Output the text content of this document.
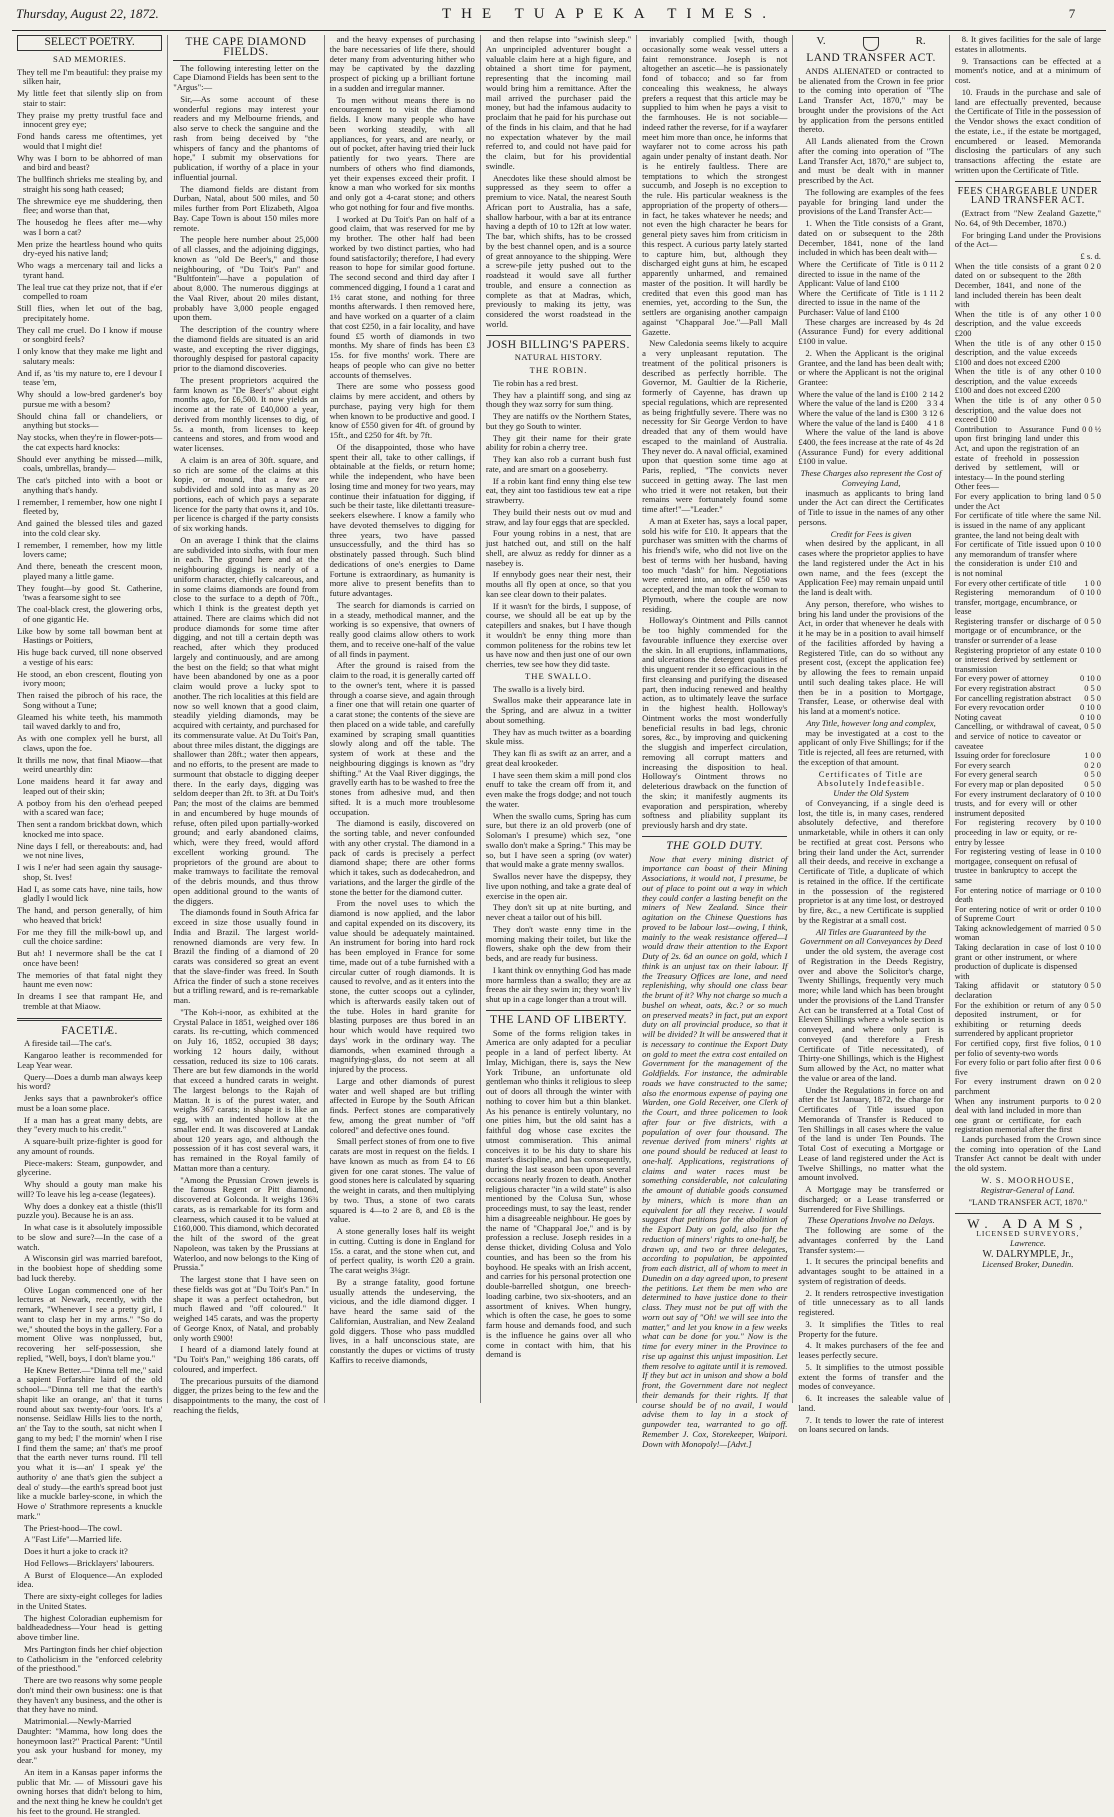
Thursday, August 22, 1872.	THE TUAPEKA TIMES.	7
SELECT POETRY.
SAD MEMORIES.

They tell me I'm beautiful: they praise my silken hair,

My little feet that silently slip on from stair to stair:

They praise my pretty trustful face and innocent grey eye;

Fond hands caress me oftentimes, yet would that I might die!

Why was I born to be abhorred of man and bird and beast?

The bullfinch shrieks me stealing by, and straight his song hath ceased;

The shrewmice eye me shuddering, then flee; and worse than that,

The housedog he flees after me—why was I born a cat?

Men prize the heartless hound who quits dry-eyed his native land;

Who wags a mercenary tail and licks a tyrant hand.

The leal true cat they prize not, that if e'er compelled to roam

Still flies, when let out of the bag, precipitately home.

They call me cruel. Do I know if mouse or songbird feels?

I only know that they make me light and salutary meals:

And if, as 'tis my nature to, ere I devour I tease 'em,

Why should a low-bred gardener's boy pursue me with a besom?

Should china fall or chandeliers, or anything but stocks—

Nay stocks, when they're in flower-pots—the cat expects hard knocks:

Should ever anything be missed—milk, coals, umbrellas, brandy—

The cat's pitched into with a boot or anything that's handy.

I remember, I remember, how one night I fleeted by,

And gained the blessed tiles and gazed into the cold clear sky.

I remember, I remember, how my little lovers came;

And there, beneath the crescent moon, played many a little game.

They fought—by good St. Catherine, 'twas a fearsome sight to see

The coal-black crest, the glowering orbs, of one gigantic He.

Like bow by some tall bowman bent at Hastings or Poitiers,

His huge back curved, till none observed a vestige of his ears:

He stood, an ebon crescent, flouting yon ivory moon;

Then raised the pibroch of his race, the Song without a Tune;

Gleamed his white teeth, his mammoth tail waved darkly to and fro,

As with one complex yell he burst, all claws, upon the foe.

It thrills me now, that final Miaow—that weird unearthly din:

Lone maidens heard it far away and leaped out of their skin;

A potboy from his den o'erhead peeped with a scared wan face;

Then sent a random brickbat down, which knocked me into space.

Nine days I fell, or thereabouts: and, had we not nine lives,

I wis I ne'er had seen again thy sausage-shop, St. Ives!

Had I, as some cats have, nine tails, how gladly I would lick

The hand, and person generally, of him who heaved that brick!

For me they fill the milk-bowl up, and cull the choice sardine:

But ah! I nevermore shall be the cat I once have been!

The memories of that fatal night they haunt me even now:

In dreams I see that rampant He, and tremble at that Miaow.

FACETIÆ.

A fireside tail—The cat's.

Kangaroo leather is recommended for Leap Year wear.

Query—Does a dumb man always keep his word?

Jenks says that a pawnbroker's office must be a loan some place.

If a man has a great many debts, are they "every much to his credit."

A square-built prize-fighter is good for any amount of rounds.

Piece-makers: Steam, gunpowder, and glycerine.

Why should a gouty man make his will? To leave his leg a-cease (legatees).

Why does a donkey eat a thistle (this'll puzzle you). Because he is an ass.

In what case is it absolutely impossible to be slow and sure?—In the case of a watch.

A Wisconsin girl was married barefoot, in the boobiest hope of shedding some bad luck thereby.

Olive Logan commenced one of her lectures at Newark, recently, with the remark, "Whenever I see a pretty girl, I want to clasp her in my arms." "So do we," shouted the boys in the gallery. For a moment Olive was nonplussed, but, recovering her self-possession, she replied, "Well, boys, I don't blame you."

He Knew Better.—"Dinna tell me," said a sapient Forfarshire laird of the old school—"Dinna tell me that the earth's shapit like an orange, an' that it turns round about sax twenty-four 'oors. It's a' nonsense. Seidlaw Hills lies to the north, an' the Tay to the south, sat nicht when I gang to my bed; I' the mornin' when I rise I find them the same; an' that's me proof that the earth never turns round. I'll tell you what it is—an' I speak ye' the authority o' ane that's gien the subject a deal o' study—the earth's spread boot just like a muckle barley-scone, in which the Howe o' Strathmore represents a knuckle mark."

The Priest-hood—The cowl.

A "Fast Life"—Married life.

Does it hurt a joke to crack it?

Hod Fellows—Bricklayers' labourers.

A Burst of Eloquence—An exploded idea.

There are sixty-eight colleges for ladies in the United States.

The highest Coloradian euphemism for baldheadedness—Your head is getting above timber line.

Mrs Partington finds her chief objection to Catholicism in the "enforced celebrity of the priesthood."

There are two reasons why some people don't mind their own business: one is that they haven't any business, and the other is that they have no mind.

Matrimonial.—Newly-Married Daughter: "Mamma, how long does the honeymoon last?" Practical Parent: "Until you ask your husband for money, my dear."

An item in a Kansas paper informs the public that Mr. — of Missouri gave his owning horses that didn't belong to him, and the next thing he knew he couldn't get his feet to the ground. He strangled.

THE CAPE DIAMOND FIELDS.

The following interesting letter on the Cape Diamond Fields has been sent to the "Argus":—

Sir,—As some account of these wonderful regions may interest your readers and my Melbourne friends, and also serve to check the sanguine and the rash from being deceived by "the whispers of fancy and the phantoms of hope," I submit my observations for publication, if worthy of a place in your influential journal.

The diamond fields are distant from Durban, Natal, about 500 miles, and 50 miles further from Port Elizabeth, Algoa Bay. Cape Town is about 150 miles more remote.

The people here number about 25,000 of all classes, and the adjoining diggings, known as "old De Beer's," and those neighbouring, of "Du Toit's Pan" and "Bultfontein"—have a population of about 8,000. The numerous diggings at the Vaal River, about 20 miles distant, probably have 3,000 people engaged upon them.

The description of the country where the diamond fields are situated is an arid waste, and excepting the river diggings, thoroughly despised for pastoral capacity prior to the diamond discoveries.

The present proprietors acquired the farm known as "De Beer's" about eight months ago, for £6,500. It now yields an income at the rate of £40,000 a year, derived from monthly licenses to dig, of 5s. a month, from licenses to keep canteens and stores, and from wood and water licenses.

A claim is an area of 30ft. square, and so rich are some of the claims at this kopje, or mound, that a few are subdivided and sold into as many as 20 portions, each of which pays a separate licence for the party that owns it, and 10s. per licence is charged if the party consists of six working hands.

On an average I think that the claims are subdivided into sixths, with four men in each. The ground here and at the neighbouring diggings is nearly of a uniform character, chiefly calcareous, and in some claims diamonds are found from close to the surface to a depth of 70ft., which I think is the greatest depth yet attained. There are claims which did not produce diamonds for some time after digging, and not till a certain depth was reached, after which they produced largely and continuously, and are among the best on the field; so that what might have been abandoned by one as a poor claim would prove a lucky spot to another. The rich localities at this field are now so well known that a good claim, steadily yielding diamonds, may be acquired with certainty, and purchased for its commensurate value. At Du Toit's Pan, about three miles distant, the diggings are shallower than 28ft.; water then appears, and no efforts, to the present are made to surmount that obstacle to digging deeper there. In the early days, digging was seldom deeper than 2ft. to 3ft. at Du Toit's Pan; the most of the claims are bemmed in and encumbered by huge mounds of refuse, often piled upon partially-worked ground; and early abandoned claims, which, were they freed, would afford excellent working ground. The proprietors of the ground are about to make tramways to facilitate the removal of the debris mounds, and thus throw open additional ground to the wants of the diggers.

The diamonds found in South Africa far exceed in size those usually found in India and Brazil. The largest world-renowned diamonds are very few. In Brazil the finding of a diamond of 20 carats was considered so great an event that the slave-finder was freed. In South Africa the finder of such a stone receives but a trifling reward, and is re-remarkable man.

"The Koh-i-noor, as exhibited at the Crystal Palace in 1851, weighed over 186 carats. Its re-cutting, which commenced on July 16, 1852, occupied 38 days; working 12 hours daily, without cessation, reduced its size to 106 carats. There are but few diamonds in the world that exceed a hundred carats in weight. The largest belongs to the Rajah of Mattan. It is of the purest water, and weighs 367 carats; in shape it is like an egg, with an indented hollow at the smaller end. It was discovered at Landak about 120 years ago, and although the possession of it has cost several wars, it has remained in the Royal family of Mattan more than a century.

"Among the Prussian Crown jewels is the famous Regent or Pitt diamond, discovered at Golconda. It weighs 136¾ carats, as is remarkable for its form and clearness, which caused it to be valued at £160,000. This diamond, which decorated the hilt of the sword of the great Napoleon, was taken by the Prussians at Waterloo, and now belongs to the King of Prussia."

The largest stone that I have seen on these fields was got at "Du Toit's Pan." In shape it was a perfect octahedron, but much flawed and "off coloured." It weighed 145 carats, and was the property of George Knox, of Natal, and probably only worth £900!

I heard of a diamond lately found at "Du Toit's Pan," weighing 186 carats, off coloured, and imperfect.

The precarious pursuits of the diamond digger, the prizes being to the few and the disappointments to the many, the cost of reaching the fields,

and the heavy expenses of purchasing the bare necessaries of life there, should deter many from adventuring hither who may be captivated by the dazzling prospect of picking up a brilliant fortune in a sudden and irregular manner.

To men without means there is no encouragement to visit the diamond fields. I know many people who have been working steadily, with all appliances, for years, and are nearly, or out of pocket, after having tried their luck patiently for two years. There are numbers of others who find diamonds, yet their expenses exceed their profit. I know a man who worked for six months and only got a 4-carat stone; and others who got nothing for four and five months.

I worked at Du Toit's Pan on half of a good claim, that was reserved for me by my brother. The other half had been worked by two distinct parties, who had found satisfactorily; therefore, I had every reason to hope for similar good fortune. The second second and third day after I commenced digging, I found a 1 carat and 1½ carat stone, and nothing for three months afterwards. I then removed here, and have worked on a quarter of a claim that cost £250, in a fair locality, and have found £5 worth of diamonds in two months. My share of finds has been £3 15s. for five months' work. There are heaps of people who can give no better accounts of themselves.

There are some who possess good claims by mere accident, and others by purchase, paying very high for them when known to be productive and good. I know of £550 given for 4ft. of ground by 15ft., and £250 for 4ft. by 7ft.

Of the disappointed, those who have spent their all, take to other callings, if obtainable at the fields, or return home; while the independent, who have been losing time and money for two years, may continue their infatuation for digging, if such be their taste, like dilettanti treasure-seekers elsewhere. I know a family who have devoted themselves to digging for three years, two have passed unsuccessfully, and the third has so obstinately passed through. Such blind dedications of one's energies to Dame Fortune is extraordinary, as humanity is more alive to present benefits than to future advantages.

The search for diamonds is carried on in a steady, methodical manner, and the working is so expensive, that owners of really good claims allow others to work them, and to receive one-half of the value of all finds in payment.

After the ground is raised from the claim to the road, it is generally carted off to the owner's tent, where it is passed through a coarse sieve, and again through a finer one that will retain one quarter of a carat stone; the contents of the sieve are then placed on a wide table, and carefully examined by scraping small quantities slowly along and off the table. The system of work at these and the neighbouring diggings is known as "dry shifting." At the Vaal River diggings, the gravelly earth has to be washed to free the stones from adhesive mud, and then sifted. It is a much more troublesome occupation.

The diamond is easily, discovered on the sorting table, and never confounded with any other crystal. The diamond in a pack of cards is precisely a perfect diamond shape; there are other forms which it takes, such as dodecahedron, and variations, and the larger the girdle of the stone the better for the diamond cutter.

From the novel uses to which the diamond is now applied, and the labor and capital expended on its discovery, its value should be adequately maintained. An instrument for boring into hard rock has been employed in France for some time, made out of a tube furnished with a circular cutter of rough diamonds. It is caused to revolve, and as it enters into the stone, the cutter scoops out a cylinder, which is afterwards easily taken out of the tube. Holes in hard granite for blasting purposes are thus bored in an hour which would have required two days' work in the ordinary way. The diamonds, when examined through a magnifying-glass, do not seem at all injured by the process.

Large and other diamonds of purest water and well shaped are but trifling affected in Europe by the South African finds. Perfect stones are comparatively few, among the great number of "off colored" and defective ones found.

Small perfect stones of from one to five carats are most in request on the fields. I have known as much as from £4 to £6 given for one carat stones. The value of good stones here is calculated by squaring the weight in carats, and then multiplying by two. Thus, a stone of two carats squared is 4—to 2 are 8, and £8 is the value.

A stone generally loses half its weight in cutting. Cutting is done in England for 15s. a carat, and the stone when cut, and of perfect quality, is worth £20 a grain. The carat weighs 3¼gr.

By a strange fatality, good fortune usually attends the undeserving, the vicious, and the idle diamond digger. I have heard the same said of the Californian, Australian, and New Zealand gold diggers. Those who pass muddled lives, in a half unconscious state, are constantly the dupes or victims of trusty Kaffirs to receive diamonds,

and then relapse into "swinish sleep." An unprincipled adventurer bought a valuable claim here at a high figure, and obtained a short time for payment, representing that the incoming mail would bring him a remittance. After the mail arrived the purchaser paid the money, but had the infamous audacity to proclaim that he paid for his purchase out of the finds in his claim, and that he had no expectation whatever by the mail referred to, and could not have paid for the claim, but for his providential swindle.

Anecdotes like these should almost be suppressed as they seem to offer a premium to vice. Natal, the nearest South African port to Australia, has a safe, shallow harbour, with a bar at its entrance having a depth of 10 to 12ft at low water. The bar, which shifts, has to be crossed by the best channel open, and is a source of great annoyance to the shipping. Were a screw-pile jetty pushed out to the roadstead it would save all further trouble, and ensure a connection as complete as that at Madras, which, previously to making its jetty, was considered the worst roadstead in the world.

JOSH BILLING'S PAPERS.
NATURAL HISTORY.
THE ROBIN.

Tie robin has a red brest.

They hav a plaintiff song, and sing az though they waz sorry for sum thing.

They are natiffs ov the Northern States, but they go South to winter.

They git their name for their grate ability for robin a cherry tree.

They kan also rob a currant bush fust rate, and are smart on a gooseberry.

If a robin kant find enny thing else tew eat, they aint too fastidious tew eat a ripe strawberry.

They build their nests out ov mud and straw, and lay four eggs that are speckled.

Four young robins in a nest, that are just hatched out, and still on the half shell, are alwuz as reddy for dinner as a nasebey is.

If ennybody goes near their nest, their mouths all fly open at once, so that you kan see clear down to their palates.

If it wasn't for the birds, I suppose, of course, we should all be eat up by the catepillers and snakes, but I have though it wouldn't be enny thing more than common politeness for the robins tew let us have now and then just one of our own cherries, tew see how they did taste.

THE SWALLO.

The swallo is a lively bird.

Swallos make their appearance late in the Spring, and are alwuz in a twitter about something.

They hav as much twitter as a boarding skule miss.

They kan fli as swift az an arrer, and a great deal krookeder.

I have seen them skim a mill pond clos enuff to take the cream off from it, and even make the frogs dodge; and not touch the water.

When the swallo cums, Spring has cum sure, but there iz an old proverb (one of Soloman's I presume) which sez, "one swallo don't make a Spring." This may be so, but I have seen a spring (ov water) that would make a grate menny swallos.

Swallos never have the dispepsy, they live upon nothing, and take a grate deal of exercise in the open air.

They don't sit up at nite burting, and never cheat a tailor out of his bill.

They don't waste enny time in the morning making their toilet, but like the flowers, shake oph the dew from their beds, and are ready fur business.

I kant think ov ennything God has made more harmless than a swallo; they are az freeas the air they swim in; they won't liv shut up in a cage longer than a trout will.

THE LAND OF LIBERTY.

Some of the forms religion takes in America are only adapted for a peculiar people in a land of perfect liberty. At Imlay, Michigan, there is, says the New York Tribune, an unfortunate old gentleman who thinks it religious to sleep out of doors all through the winter with nothing to cover him but a thin blanket. As his penance is entirely voluntary, no one pities him, but the old saint has a faithful dog whose case excites the utmost commiseration. This animal conceives it to be his duty to share his master's discipline, and has consequently, during the last season been upon several occasions nearly frozen to death. Another religious character "in a wild state" is also mentioned by the Colusa Sun, whose proceedings must, to say the least, render him a disagreeable neighbour. He goes by the name of "Chapparal Joe," and is by profession a recluse. Joseph resides in a dense thicket, dividing Colusa and Yolo counties, and has been so the from his boyhood. He speaks with an Irish accent, and carries for his personal protection one double-barrelled shotgun, one breech-loading carbine, two six-shooters, and an assortment of knives. When hungry, which is often the case, he goes to some farm house and demands food, and such is the influence he gains over all who come in contact with him, that his demand is

invariably complied [with, though occasionally some weak vessel utters a faint remonstrance. Joseph is not altogether an ascetic—he is passionately fond of tobacco; and so far from concealing this weakness, he always prefers a request that this article may be supplied to him when he pays a visit to the farmhouses. He is not sociable—indeed rather the reverse, for if a wayfarer meet him more than once, he informs that wayfarer not to come across his path again under penalty of instant death. Nor is he entirely faultless. There are temptations to which the strongest succumb, and Joseph is no exception to the rule. His particular weakness is the appropriation of the property of others—in fact, he takes whatever he needs; and not even the high character he bears for general piety saves him from criticism in this respect. A curious party lately started to capture him, but, although they discharged eight guns at him, he escaped apparently unharmed, and remained master of the position. It will hardly be credited that even this good man has enemies, yet, according to the Sun, the settlers are organising another campaign against "Chapparal Joe."—Pall Mall Gazette.

New Caledonia seems likely to acquire a very unpleasant reputation. The treatment of the political prisoners is described as perfectly horrible. The Governor, M. Gaultier de la Richerie, formerly of Cayenne, has drawn up special regulations, which are represented as being frightfully severe. There was no necessity for Sir George Verdon to have dreaded that any of them would have escaped to the mainland of Australia. They never do. A naval official, examined upon that question some time ago at Paris, replied, "The convicts never succeed in getting away. The last men who tried it were not retaken, but their remains were fortunately found some time after!"—"Leader."

A man at Exeter has, says a local paper, sold his wife for £10. It appears that the purchaser was smitten with the charms of his friend's wife, who did not live on the best of terms with her husband, having too much "dash" for him. Negotiations were entered into, an offer of £50 was accepted, and the man took the woman to Plymouth, where the couple are now residing.

Holloway's Ointment and Pills cannot be too highly commended for the favourable influence they exercise over the skin. In all eruptions, inflammations, and ulcerations the detergent qualities of this unguent render it so efficacious in the first cleansing and purifying the diseased part, then inducing renewed and healthy action, as to ultimately leave the surface in the highest health. Holloway's Ointment works the most wonderfully beneficial results in bad legs, chronic sores, &c., by improving and quickening the sluggish and imperfect circulation, removing all corrupt matters and increasing the disposition to heal. Holloway's Ointment throws no deleterious drawback on the function of the skin; it manifestly augments its evaporation and perspiration, whereby softness and pliability supplant its previously harsh and dry state.

THE GOLD DUTY.

Now that every mining district of importance can boast of their Mining Associations, it would not, I presume, be out of place to point out a way in which they could confer a lasting benefit on the miners of New Zealand. Since their agitation on the Chinese Questions has proved to be labour lost—owing, I think, mainly to the weak resistance offered—I would draw their attention to the Export Duty of 2s. 6d an ounce on gold, which I think is an unjust tax on their labour. If the Treasury Offices are lone, and need replenishing, why should one class bear the brunt of it? Why not charge so much a bushel on wheat, oats, &c.? or so much on preserved meats? in fact, put an export duty on all provincial produce, so that it will be divided? It will be answered that it is necessary to continue the Export Duty on gold to meet the extra cost entailed on Government for the management of the Goldfields. For instance, the admirable roads we have constructed to the same; also the enormous expense of paying one Warden, one Gold Receiver, one Clerk of the Court, and three policemen to look after four or five districts, with a population of over four thousand. The revenue derived from miners' rights at one pound should be reduced at least to one-half. Applications, registrations of claims and water races must be something considerable, not calculating the amount of dutiable goods consumed by miners, which is more than an equivalent for all they receive. I would suggest that petitions for the abolition of the Export Duty on gold, also for the reduction of miners' rights to one-half, be drawn up, and two or three delegates, according to population, be appointed from each district, all of whom to meet in Dunedin on a day agreed upon, to present the petitions. Let them be men who are determined to have justice done to their class. They must not be put off with the worn out say of "Oh! we will see into the matter," and let you know in a few weeks what can be done for you." Now is the time for every miner in the Province to rise up against this unjust imposition. Let them resolve to agitate until it is removed. If they but act in unison and show a bold front, the Government dare not neglect their demands for their rights. If that course should be of no avail, I would advise them to lay in a stock of gunpowder tea, warranted to go off. Remember J. Cox, Storekeeper, Waipori. Down with Monopoly!—[Advt.]

V.	R.
LAND TRANSFER ACT.

ANDS ALIENATED or contracted to be alienated from the Crown in fee prior to the coming into operation of "The Land Transfer Act, 1870," may be brought under the provisions of the Act by application from the persons entitled thereto.

All Lands alienated from the Crown after the coming into operation of "The Land Transfer Act, 1870," are subject to, and must be dealt with in manner prescribed by the Act.

The following are examples of the fees payable for bringing land under the provisions of the Land Transfer Act:—

1. When the Title consists of a Grant, dated on or subsequent to the 28th December, 1841, none of the land included in which has been dealt with—

Where the Certificate of Title is directed to issue in the name of the Applicant: Value of land £100
0 11 2
Where the Certificate of Title is directed to issue in the name of the Purchaser: Value of land £100
1 11 2

These charges are increased by 4s 2d (Assurance Fund) for every additional £100 in value.

2. When the Applicant is the original Grantee, and the land has been dealt with; or where the Applicant is not the original Grantee:

Where the value of the land is £100 2 14 2
Where the value of the land is £200	3 3 4
Where the value of the land is £300 3 12 6
Where the value of the land is £400	4 1 8

Where the value of the land is above £400, the fees increase at the rate of 4s 2d (Assurance Fund) for every additional £100 in value.

These Charges also represent the Cost of Conveying Land,

inasmuch as applicants to bring land under the Act can direct the Certificates of Title to issue in the names of any other persons.

Credit for Fees is given

when desired by the applicant, in all cases where the proprietor applies to have the land registered under the Act in his own name, and the fees (except the Application Fee) may remain unpaid until the land is dealt with.

Any person, therefore, who wishes to bring his land under the provisions of the Act, in order that whenever he deals with it he may be in a position to avail himself of the facilities afforded by having a Registered Title, can do so without any present cost, (except the application fee) by allowing the fees to remain unpaid until such dealing takes place. He will then be in a position to Mortgage, Transfer, Lease, or otherwise deal with his land at a moment's notice.

Any Title, however long and complex,

may be investigated at a cost to the applicant of only Five Shillings; for if the Title is rejected, all fees are returned, with the exception of that amount.

Certificates of Title are Absolutely Indefeasible.
Under the Old System

of Conveyancing, if a single deed is lost, the title is, in many cases, rendered absolutely defective, and therefore unmarketable, while in others it can only be rectified at great cost. Persons who bring their land under the Act, surrender all their deeds, and receive in exchange a Certificate of Title, a duplicate of which is retained in the office. If the certificate in the possession of the registered proprietor is at any time lost, or destroyed by fire, &c., a new Certificate is supplied by the Registrar at a small cost.

All Titles are Guaranteed by the Government on all Conveyances by Deed

under the old system, the average cost of Registration in the Deeds Registry, over and above the Solicitor's charge, Twenty Shillings, frequently very much more; while land which has been brought under the provisions of the Land Transfer Act can be transferred at a Total Cost of Eleven Shillings where a whole section is conveyed, and where only part is conveyed (and therefore a Fresh Certificate of Title necessitated), of Thirty-one Shillings, which is the Highest Sum allowed by the Act, no matter what the value or area of the land.

Under the Regulations in force on and after the 1st January, 1872, the charge for Certificates of Title issued upon Memoranda of Transfer is Reduced to Ten Shillings in all cases where the value of the land is under Ten Pounds. The Total Cost of executing a Mortgage or Lease of land registered under the Act is Twelve Shillings, no matter what the amount involved.

A Mortgage may be transferred or discharged; or a Lease transferred or Surrendered for Five Shillings.

These Operations Involve no Delays.

The following are some of the advantages conferred by the Land Transfer system:—

1. It secures the principal benefits and advantages sought to be attained in a system of registration of deeds.

2. It renders retrospective investigation of title unnecessary as to all lands registered.

3. It simplifies the Titles to real Property for the future.

4. It makes purchasers of the fee and leases perfectly secure.

5. It simplifies to the utmost possible extent the forms of transfer and the modes of conveyance.

6. It increases the saleable value of land.

7. It tends to lower the rate of interest on loans secured on lands.

8. It gives facilities for the sale of large estates in allotments.

9. Transactions can be effected at a moment's notice, and at a minimum of cost.

10. Frauds in the purchase and sale of land are effectually prevented, because the Certificate of Title in the possession of the Vendor shows the exact condition of the estate, i.e., if the estate be mortgaged, encumbered or leased. Memoranda disclosing the particulars of any such transactions affecting the estate are written upon the Certificate of Title.

FEES CHARGEABLE UNDER LAND TRANSFER ACT.

(Extract from "New Zealand Gazette," No. 64, of 9th December, 1870.)

For bringing Land under the Provisions of the Act—

£ s. d.
When the title consists of a grant dated on or subsequent to the 28th December, 1841, and none of the land included therein has been dealt with
0 2 0
When the title is of any other description, and the value exceeds £200
1 0 0
When the title is of any other description, and the value exceeds £100 and does not exceed £200
0 15 0
When the title is of any other description, and the value exceeds £100 and does not exceed £200
0 10 0
When the title is of any other description, and the value does not exceed £100
0 5 0
Contribution to Assurance Fund upon first bringing land under this Act, and upon the registration of an estate of freehold in possession derived by settlement, will or intestacy— In the pound sterling
0 0 ½
Other fees—
For every application to bring land under the Act
0 5 0
For certificate of title where the same is issued in the name of any applicant grantee, the land not being dealt with
Nil.
For certificate of Title issued upon any memorandum of transfer where the consideration is under £10 and is not nominal
0 10 0
For every other certificate of title	1 0 0
Registering memorandum of transfer, mortgage, encumbrance, or lease
0 10 0
Registering transfer or discharge of mortgage or of encumbrance, or the transfer or surrender of a lease
0 5 0
Registering proprietor of any estate or interest derived by settlement or transmission
0 10 0
For every power of attorney	0 10 0
For every registration abstract	0 5 0
For cancelling registration abstract	0 5 0
For every revocation order	0 10 0
Noting caveat	0 10 0
Cancelling, or withdrawal of caveat, and service of notice to caveator or caveatee
0 5 0
Issuing order for foreclosure	1 0 0
For every search	0 2 0
For every general search	0 5 0
For every map or plan deposited	0 5 0
For every instrument declaratory of trusts, and for every will or other instrument deposited
0 10 0
For registering recovery by proceeding in law or equity, or re-entry by lessee
0 10 0
For registering vesting of lease in mortgagee, consequent on refusal of trustee in bankruptcy to accept the same
0 10 0
For entering notice of marriage or death
0 10 0
For entering notice of writ or order of Supreme Court
0 10 0
Taking acknowledgement of married woman
0 5 0
Taking declaration in case of lost grant or other instrument, or where production of duplicate is dispensed with
0 10 0
Taking affidavit or statutory declaration
0 5 0
For the exhibition or return of any deposited instrument, or for exhibiting or returning deeds surrendered by applicant proprietor
0 5 0
For certified copy, first five folios, per folio of seventy-two words
0 1 0
For every folio or part folio after first five
0 0 6
For every instrument drawn on parchment
0 2 0
When any instrument purports to deal with land included in more than one grant or certificate, for each registration memorial after the first
0 2 0

Lands purchased from the Crown since the coming into operation of the Land Transfer Act cannot be dealt with under the old system.

W. S. MOORHOUSE,
Registrar-General of Land.
"LAND TRANSFER ACT, 1870."
W. ADAMS,
LICENSED SURVEYORS,
Lawrence.
W. DALRYMPLE, Jr.,
Licensed Broker, Dunedin.
